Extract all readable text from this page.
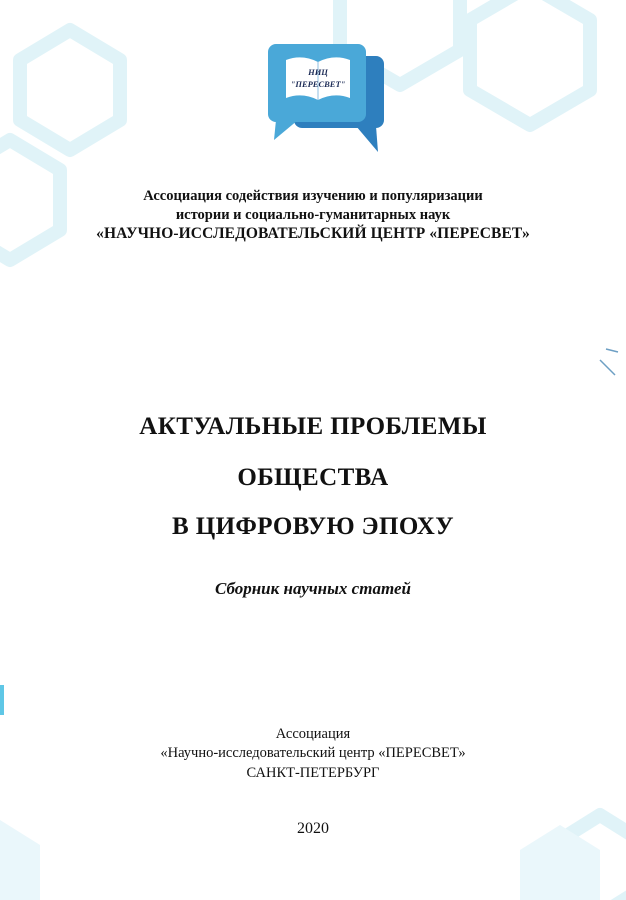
НИЦ
"ПЕРЕСВЕТ"

Ассоциация содействия изучению и популяризации

истории и социально-гуманитарных наук

«НАУЧНО-ИССЛЕДОВАТЕЛЬСКИЙ ЦЕНТР «ПЕРЕСВЕТ»

АКТУАЛЬНЫЕ ПРОБЛЕМЫ
ОБЩЕСТВА
В ЦИФРОВУЮ ЭПОХУ

Сборник научных статей

Ассоциация

«Научно-исследовательский центр «ПЕРЕСВЕТ»

САНКТ-ПЕТЕРБУРГ

2020
